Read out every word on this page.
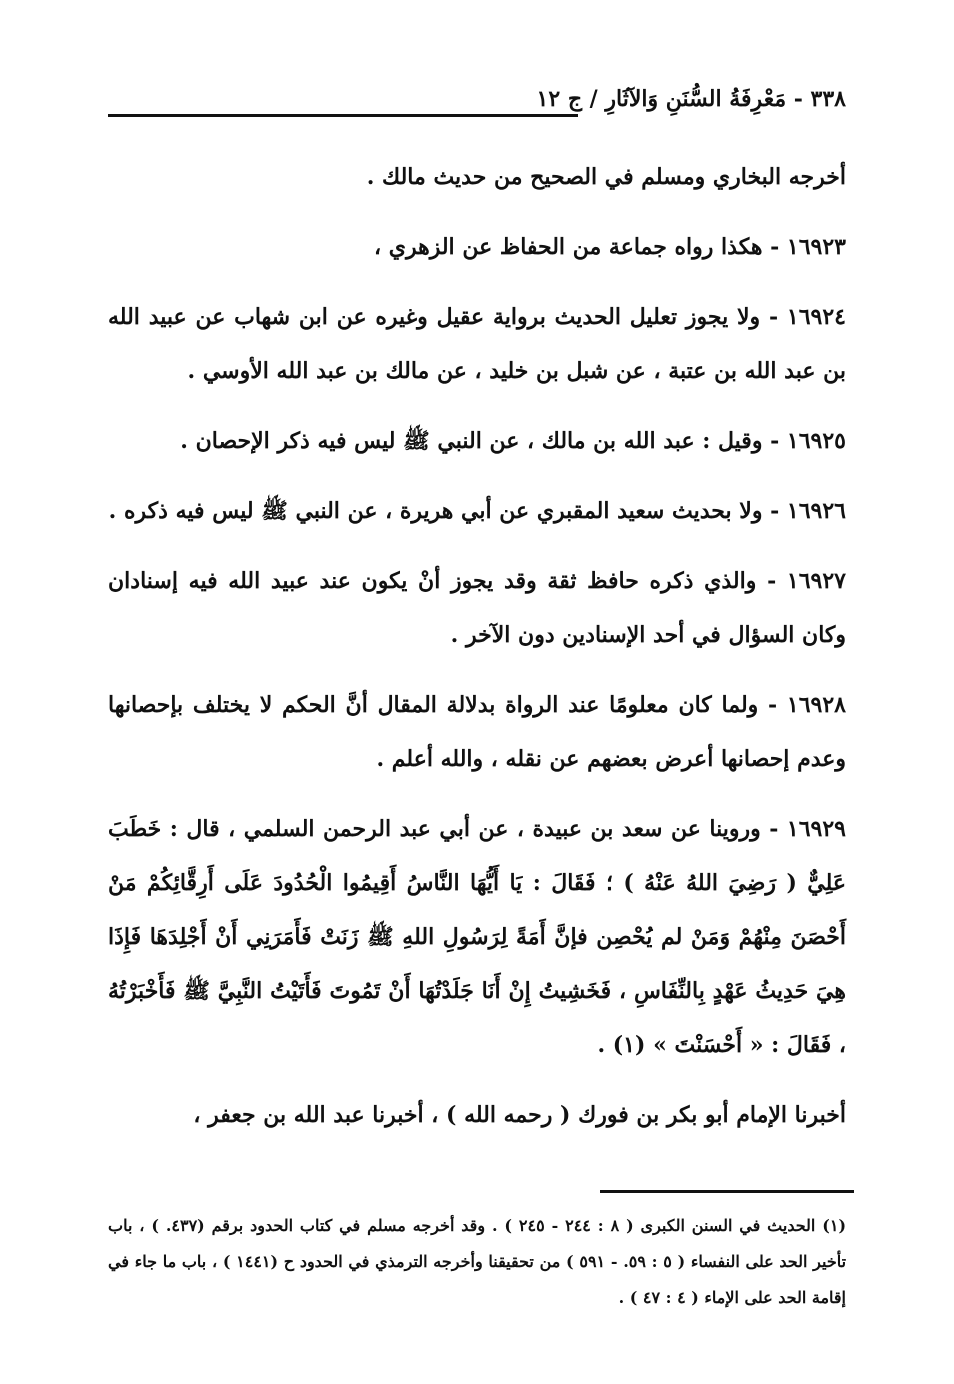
٣٣٨ - مَعْرِفَةُ السُّنَنِ وَالآثَارِ / ج ١٢

أخرجه البخاري ومسلم في الصحيح من حديث مالك .

١٦٩٢٣ - هكذا رواه جماعة من الحفاظ عن الزهري ،

١٦٩٢٤ - ولا يجوز تعليل الحديث برواية عقيل وغيره عن ابن شهاب عن عبيد الله بن عبد الله بن عتبة ، عن شبل بن خليد ، عن مالك بن عبد الله الأوسي .

١٦٩٢٥ - وقيل : عبد الله بن مالك ، عن النبي ﷺ ليس فيه ذكر الإحصان .

١٦٩٢٦ - ولا بحديث سعيد المقبري عن أبي هريرة ، عن النبي ﷺ ليس فيه ذكره .

١٦٩٢٧ - والذي ذكره حافظ ثقة وقد يجوز أنْ يكون عند عبيد الله فيه إسنادان وكان السؤال في أحد الإسنادين دون الآخر .

١٦٩٢٨ - ولما كان معلومًا عند الرواة بدلالة المقال أنَّ الحكم لا يختلف بإحصانها وعدم إحصانها أعرض بعضهم عن نقله ، والله أعلم .

١٦٩٢٩ - وروينا عن سعد بن عبيدة ، عن أبي عبد الرحمن السلمي ، قال : خَطَبَ عَلِيٌّ ( رَضِيَ اللهُ عَنْهُ ) ؛ فَقَالَ : يَا أَيُّهَا النَّاسُ أَقِيمُوا الْحُدُودَ عَلَى أَرِقَّائِكُمْ مَنْ أَحْصَنَ مِنْهُمْ وَمَنْ لم يُحْصِن فإنَّ أَمَةً لِرَسُولِ اللهِ ﷺ زَنَتْ فَأَمَرَنِي أَنْ أَجْلِدَهَا فَإِذَا هِيَ حَدِيثُ عَهْدٍ بِالنِّفَاسِ ، فَخَشِيتُ إِنْ أَنَا جَلَدْتُهَا أَنْ تَمُوتَ فَأَتَيْتُ النَّبِيَّ ﷺ فَأَخْبَرْتُهُ ، فَقَالَ : « أَحْسَنْتَ » (١) .

أخبرنا الإمام أبو بكر بن فورك ( رحمه الله ) ، أخبرنا عبد الله بن جعفر ،

(١) الحديث في السنن الكبرى ( ٨ : ٢٤٤ - ٢٤٥ ) . وقد أخرجه مسلم في كتاب الحدود برقم (٤٣٧. ) ، باب تأخير الحد على النفساء ( ٥ : ٥٩. - ٥٩١ ) من تحقيقنا وأخرجه الترمذي في الحدود ح (١٤٤١ ) ، باب ما جاء في إقامة الحد على الإماء ( ٤ : ٤٧ ) .
